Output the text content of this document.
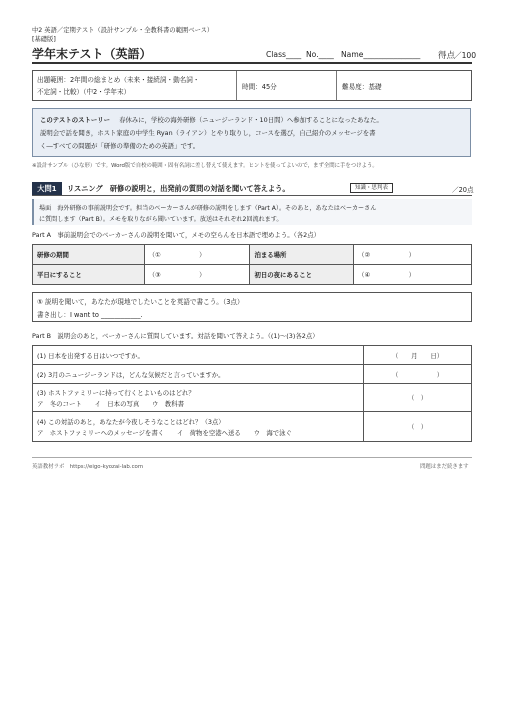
中2 英語／定期テスト（設計サンプル・全教科書の範囲ベース）
[基礎版]
学年末テスト（英語）	Class____ No.____ Name_______________ 得点
／100
出題範囲：2年間の総まとめ（未来・接続詞・動名詞・
不定詞・比較）（中2・学年末）
時間：45分	難易度：基礎
このテストのストーリー 春休みに，学校の海外研修（ニュージーランド・10日間）へ参加することになったあなた。
説明会で話を聞き，ホスト家庭の中学生 Ryan（ライアン）とやり取りし，コースを選び，自己紹介のメッセージを書
く―すべての問題が「研修の準備のための英語」です。
※設計サンプル（ひな形）です。Word版で自校の範囲・固有名詞に差し替えて使えます。ヒントを使ってよいので，まず全問に手をつけよう。
大問1	リスニング　研修の説明と，出発前の質問の対話を聞いて答えよう。	知識・思判表	／20点
場面　海外研修の事前説明会です。担当のベーカーさんが研修の説明をします（Part A）。そのあと，あなたはベーカーさん
に質問します（Part B）。メモを取りながら聞いています。放送はそれぞれ2回流れます。
Part A　事前説明会でのベーカーさんの説明を聞いて，メモの空らんを日本語で埋めよう。（各2点）
研修の期間	（①　　　　　　）	泊まる場所	（②　　　　　　）
平日にすること	（③　　　　　　）	初日の夜にあること	（④　　　　　　）
⑤ 説明を聞いて，あなたが現地でしたいことを英語で書こう。（3点）
書き出し：I want to ____________.
Part B　説明会のあと，ベーカーさんに質問しています。対話を聞いて答えよう。（(1)～(3)各2点）
(1) 日本を出発する日はいつですか。	（　　月　　日）

(2) 3月のニュージーランドは，どんな気候だと言っていますか。	（　　　　　　）

(3) ホストファミリーに持って行くとよいものはどれ？
ア　冬のコート　　イ　日本の写真　　ウ　教科書	（　）

(4) この対話のあと，あなたが今夜しそうなことはどれ？（3点）
ア　ホストファミリーへのメッセージを書く　　イ　荷物を空港へ送る　　ウ　海で泳ぐ	（　）
英語教材ラボ　https://eigo-kyozai-lab.com	問題はまだ続きます
